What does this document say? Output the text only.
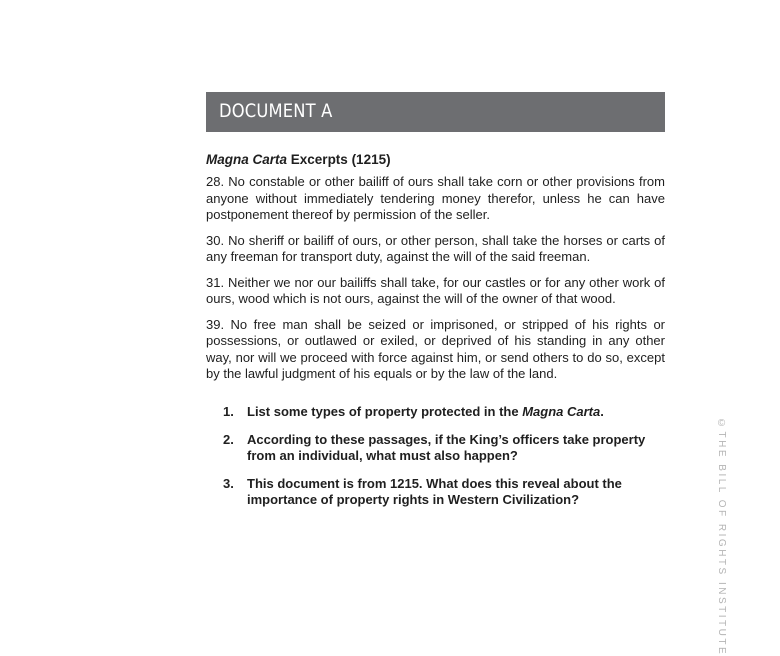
DOCUMENT A
Magna Carta Excerpts (1215)

28. No constable or other bailiff of ours shall take corn or other provisions from anyone without immediately tendering money therefor, unless he can have postponement thereof by permission of the seller.

30. No sheriff or bailiff of ours, or other person, shall take the horses or carts of any freeman for transport duty, against the will of the said freeman.

31. Neither we nor our bailiffs shall take, for our castles or for any other work of ours, wood which is not ours, against the will of the owner of that wood.

39. No free man shall be seized or imprisoned, or stripped of his rights or possessions, or outlawed or exiled, or deprived of his standing in any other way, nor will we proceed with force against him, or send others to do so, except by the lawful judgment of his equals or by the law of the land.

1.	List some types of property protected in the Magna Carta.
2.	According to these passages, if the King’s officers take property from an individual, what must also happen?
3.	This document is from 1215. What does this reveal about the importance of property rights in Western Civilization?	©THE BILL OF RIGHTS INSTITUTE
